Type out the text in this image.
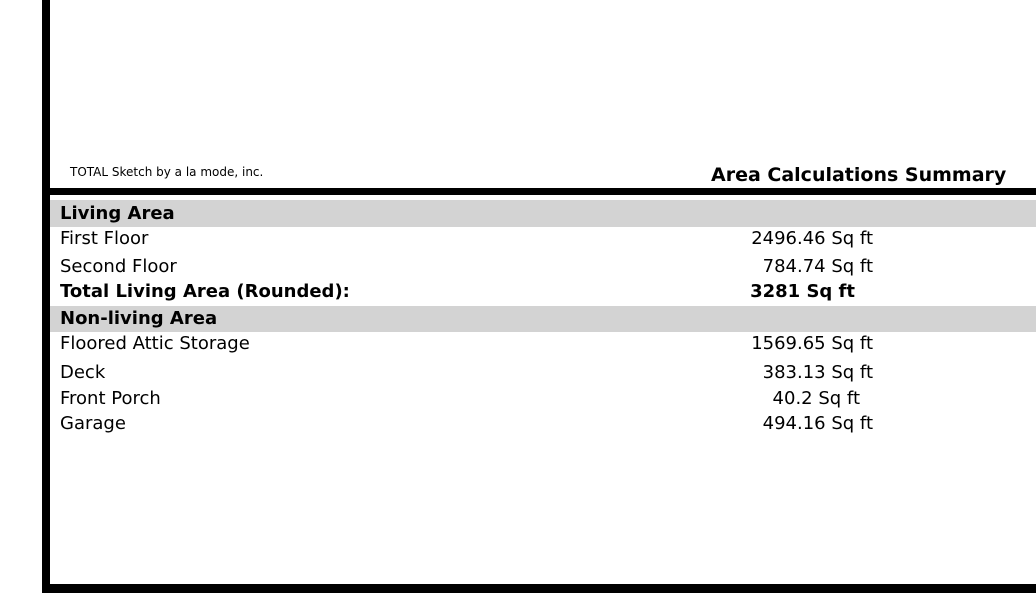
TOTAL Sketch by a la mode, inc.	Area Calculations Summary
Living Area
First Floor	2496.46 Sq ft
Second Floor	784.74 Sq ft
Total Living Area (Rounded):	3281 Sq ft
Non-living Area
Floored Attic Storage	1569.65 Sq ft
Deck	383.13 Sq ft
Front Porch	40.2 Sq ft
Garage	494.16 Sq ft
